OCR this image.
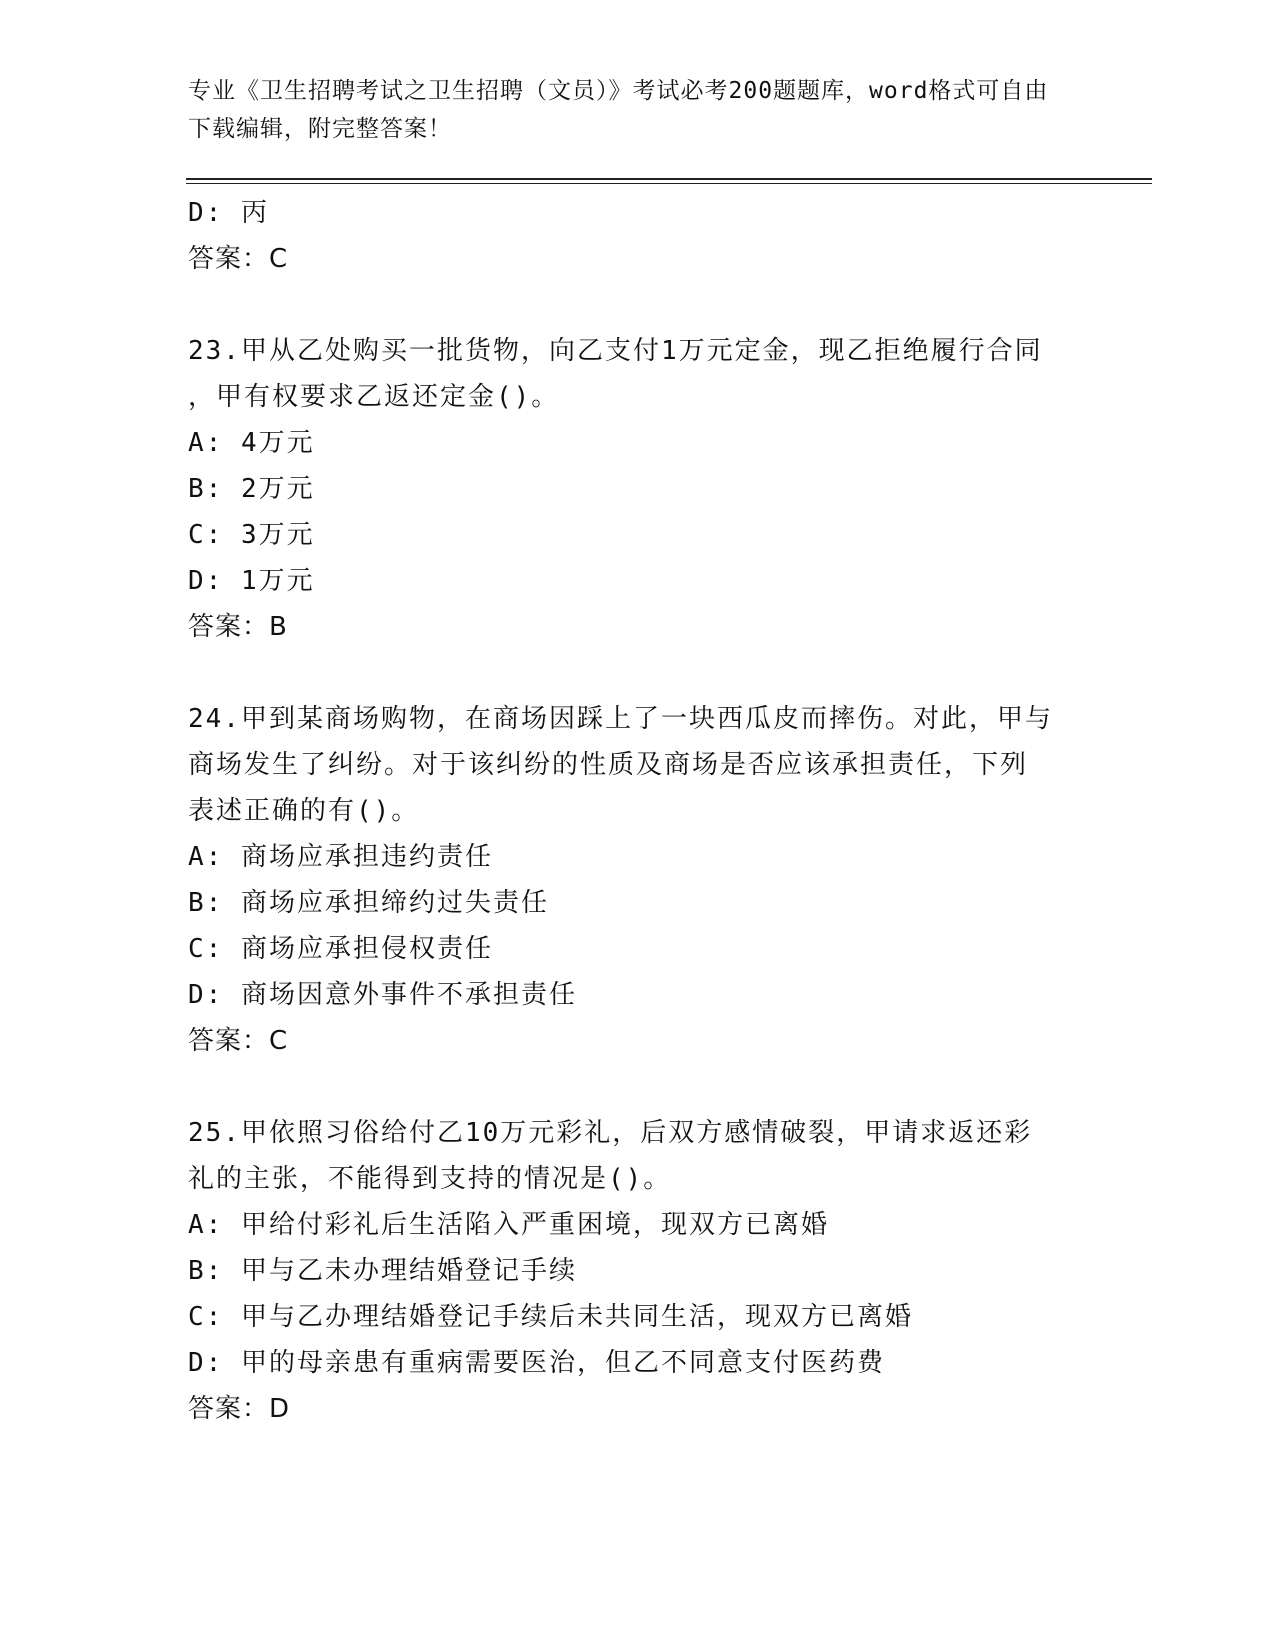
专业《卫生招聘考试之卫生招聘（文员）》考试必考200题题库，word格式可自由下载编辑，附完整答案！
D: 丙
答案：C
23.甲从乙处购买一批货物，向乙支付1万元定金，现乙拒绝履行合同
，甲有权要求乙返还定金()。
A: 4万元
B: 2万元
C: 3万元
D: 1万元
答案：B
24.甲到某商场购物，在商场因踩上了一块西瓜皮而摔伤。对此，甲与
商场发生了纠纷。对于该纠纷的性质及商场是否应该承担责任，下列
表述正确的有()。
A: 商场应承担违约责任
B: 商场应承担缔约过失责任
C: 商场应承担侵权责任
D: 商场因意外事件不承担责任
答案：C
25.甲依照习俗给付乙10万元彩礼，后双方感情破裂，甲请求返还彩
礼的主张，不能得到支持的情况是()。
A: 甲给付彩礼后生活陷入严重困境，现双方已离婚
B: 甲与乙未办理结婚登记手续
C: 甲与乙办理结婚登记手续后未共同生活，现双方已离婚
D: 甲的母亲患有重病需要医治，但乙不同意支付医药费
答案：D
